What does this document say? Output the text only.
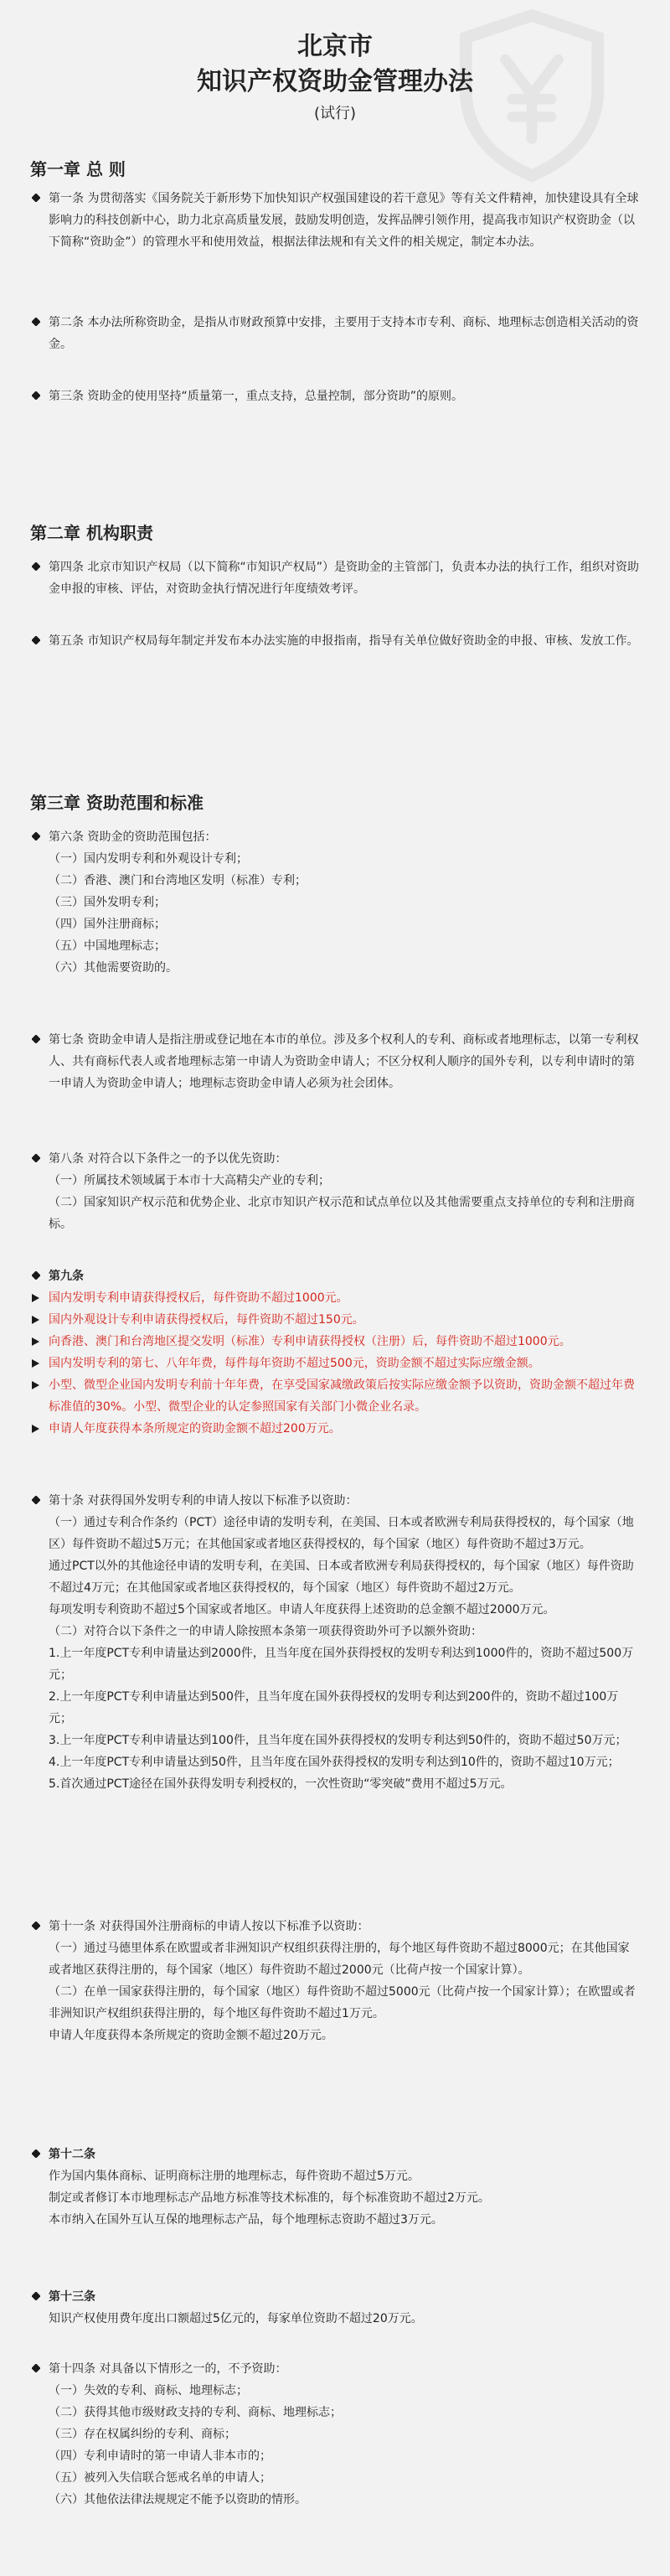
北京市
知识产权资助金管理办法
(试行)
第一章 总 则
第一条 为贯彻落实《国务院关于新形势下加快知识产权强国建设的若干意见》等有关文件精神，加快建设具有全球影响力的科技创新中心，助力北京高质量发展，鼓励发明创造，发挥品牌引领作用，提高我市知识产权资助金（以下简称“资助金”）的管理水平和使用效益，根据法律法规和有关文件的相关规定，制定本办法。
第二条 本办法所称资助金，是指从市财政预算中安排，主要用于支持本市专利、商标、地理标志创造相关活动的资金。
第三条 资助金的使用坚持“质量第一，重点支持，总量控制，部分资助”的原则。
第二章 机构职责
第四条 北京市知识产权局（以下简称“市知识产权局”）是资助金的主管部门，负责本办法的执行工作，组织对资助金申报的审核、评估，对资助金执行情况进行年度绩效考评。
第五条 市知识产权局每年制定并发布本办法实施的申报指南，指导有关单位做好资助金的申报、审核、发放工作。
第三章 资助范围和标准
第六条 资助金的资助范围包括：
（一）国内发明专利和外观设计专利；
（二）香港、澳门和台湾地区发明（标准）专利；
（三）国外发明专利；
（四）国外注册商标；
（五）中国地理标志；
（六）其他需要资助的。
第七条 资助金申请人是指注册或登记地在本市的单位。涉及多个权利人的专利、商标或者地理标志，以第一专利权人、共有商标代表人或者地理标志第一申请人为资助金申请人；不区分权利人顺序的国外专利，以专利申请时的第一申请人为资助金申请人；地理标志资助金申请人必须为社会团体。
第八条 对符合以下条件之一的予以优先资助：
（一）所属技术领域属于本市十大高精尖产业的专利；
（二）国家知识产权示范和优势企业、北京市知识产权示范和试点单位以及其他需要重点支持单位的专利和注册商标。
第九条
国内发明专利申请获得授权后，每件资助不超过1000元。
国内外观设计专利申请获得授权后，每件资助不超过150元。
向香港、澳门和台湾地区提交发明（标准）专利申请获得授权（注册）后，每件资助不超过1000元。
国内发明专利的第七、八年年费，每件每年资助不超过500元，资助金额不超过实际应缴金额。
小型、微型企业国内发明专利前十年年费，在享受国家减缴政策后按实际应缴金额予以资助，资助金额不超过年费标准值的30%。小型、微型企业的认定参照国家有关部门小微企业名录。
申请人年度获得本条所规定的资助金额不超过200万元。
第十条 对获得国外发明专利的申请人按以下标准予以资助：
（一）通过专利合作条约（PCT）途径申请的发明专利，在美国、日本或者欧洲专利局获得授权的，每个国家（地区）每件资助不超过5万元；在其他国家或者地区获得授权的，每个国家（地区）每件资助不超过3万元。
通过PCT以外的其他途径申请的发明专利，在美国、日本或者欧洲专利局获得授权的，每个国家（地区）每件资助不超过4万元；在其他国家或者地区获得授权的，每个国家（地区）每件资助不超过2万元。
每项发明专利资助不超过5个国家或者地区。申请人年度获得上述资助的总金额不超过2000万元。
（二）对符合以下条件之一的申请人除按照本条第一项获得资助外可予以额外资助：
1.上一年度PCT专利申请量达到2000件，且当年度在国外获得授权的发明专利达到1000件的，资助不超过500万元；
2.上一年度PCT专利申请量达到500件，且当年度在国外获得授权的发明专利达到200件的，资助不超过100万元；
3.上一年度PCT专利申请量达到100件，且当年度在国外获得授权的发明专利达到50件的，资助不超过50万元；
4.上一年度PCT专利申请量达到50件，且当年度在国外获得授权的发明专利达到10件的，资助不超过10万元；
5.首次通过PCT途径在国外获得发明专利授权的，一次性资助“零突破”费用不超过5万元。
第十一条 对获得国外注册商标的申请人按以下标准予以资助：
（一）通过马德里体系在欧盟或者非洲知识产权组织获得注册的，每个地区每件资助不超过8000元；在其他国家或者地区获得注册的，每个国家（地区）每件资助不超过2000元（比荷卢按一个国家计算）。
（二）在单一国家获得注册的，每个国家（地区）每件资助不超过5000元（比荷卢按一个国家计算）；在欧盟或者非洲知识产权组织获得注册的，每个地区每件资助不超过1万元。
申请人年度获得本条所规定的资助金额不超过20万元。
第十二条
作为国内集体商标、证明商标注册的地理标志，每件资助不超过5万元。
制定或者修订本市地理标志产品地方标准等技术标准的，每个标准资助不超过2万元。
本市纳入在国外互认互保的地理标志产品，每个地理标志资助不超过3万元。
第十三条
知识产权使用费年度出口额超过5亿元的，每家单位资助不超过20万元。
第十四条 对具备以下情形之一的，不予资助：
（一）失效的专利、商标、地理标志；
（二）获得其他市级财政支持的专利、商标、地理标志；
（三）存在权属纠纷的专利、商标；
（四）专利申请时的第一申请人非本市的；
（五）被列入失信联合惩戒名单的申请人；
（六）其他依法律法规规定不能予以资助的情形。
